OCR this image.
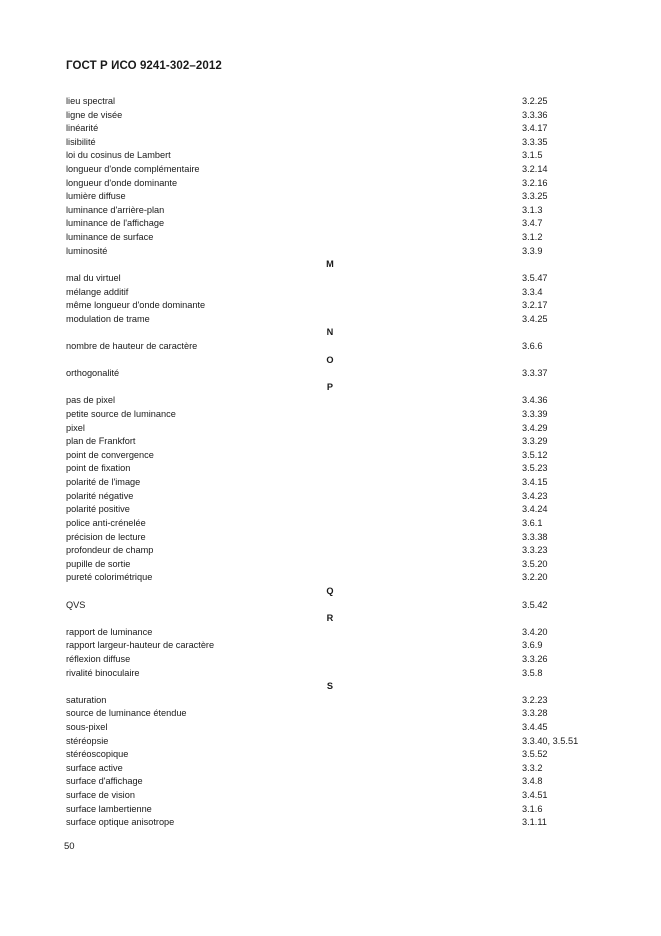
ГОСТ Р ИСО 9241-302–2012
lieu spectral	3.2.25
ligne de visée	3.3.36
linéarité	3.4.17
lisibilité	3.3.35
loi du cosinus de Lambert	3.1.5
longueur d'onde complémentaire	3.2.14
longueur d'onde dominante	3.2.16
lumière diffuse	3.3.25
luminance d'arrière-plan	3.1.3
luminance de l'affichage	3.4.7
luminance de surface	3.1.2
luminosité	3.3.9
M
mal du virtuel	3.5.47
mélange additif	3.3.4
même longueur d'onde dominante	3.2.17
modulation de trame	3.4.25
N
nombre de hauteur de caractère	3.6.6
O
orthogonalité	3.3.37
P
pas de pixel	3.4.36
petite source de luminance	3.3.39
pixel	3.4.29
plan de Frankfort	3.3.29
point de convergence	3.5.12
point de fixation	3.5.23
polarité de l'image	3.4.15
polarité négative	3.4.23
polarité positive	3.4.24
police anti-crénelée	3.6.1
précision de lecture	3.3.38
profondeur de champ	3.3.23
pupille de sortie	3.5.20
pureté colorimétrique	3.2.20
Q
QVS	3.5.42
R
rapport de luminance	3.4.20
rapport largeur-hauteur de caractère	3.6.9
réflexion diffuse	3.3.26
rivalité binoculaire	3.5.8
S
saturation	3.2.23
source de luminance étendue	3.3.28
sous-pixel	3.4.45
stéréopsie	3.3.40, 3.5.51
stéréoscopique	3.5.52
surface active	3.3.2
surface d'affichage	3.4.8
surface de vision	3.4.51
surface lambertienne	3.1.6
surface optique anisotrope	3.1.11
50
